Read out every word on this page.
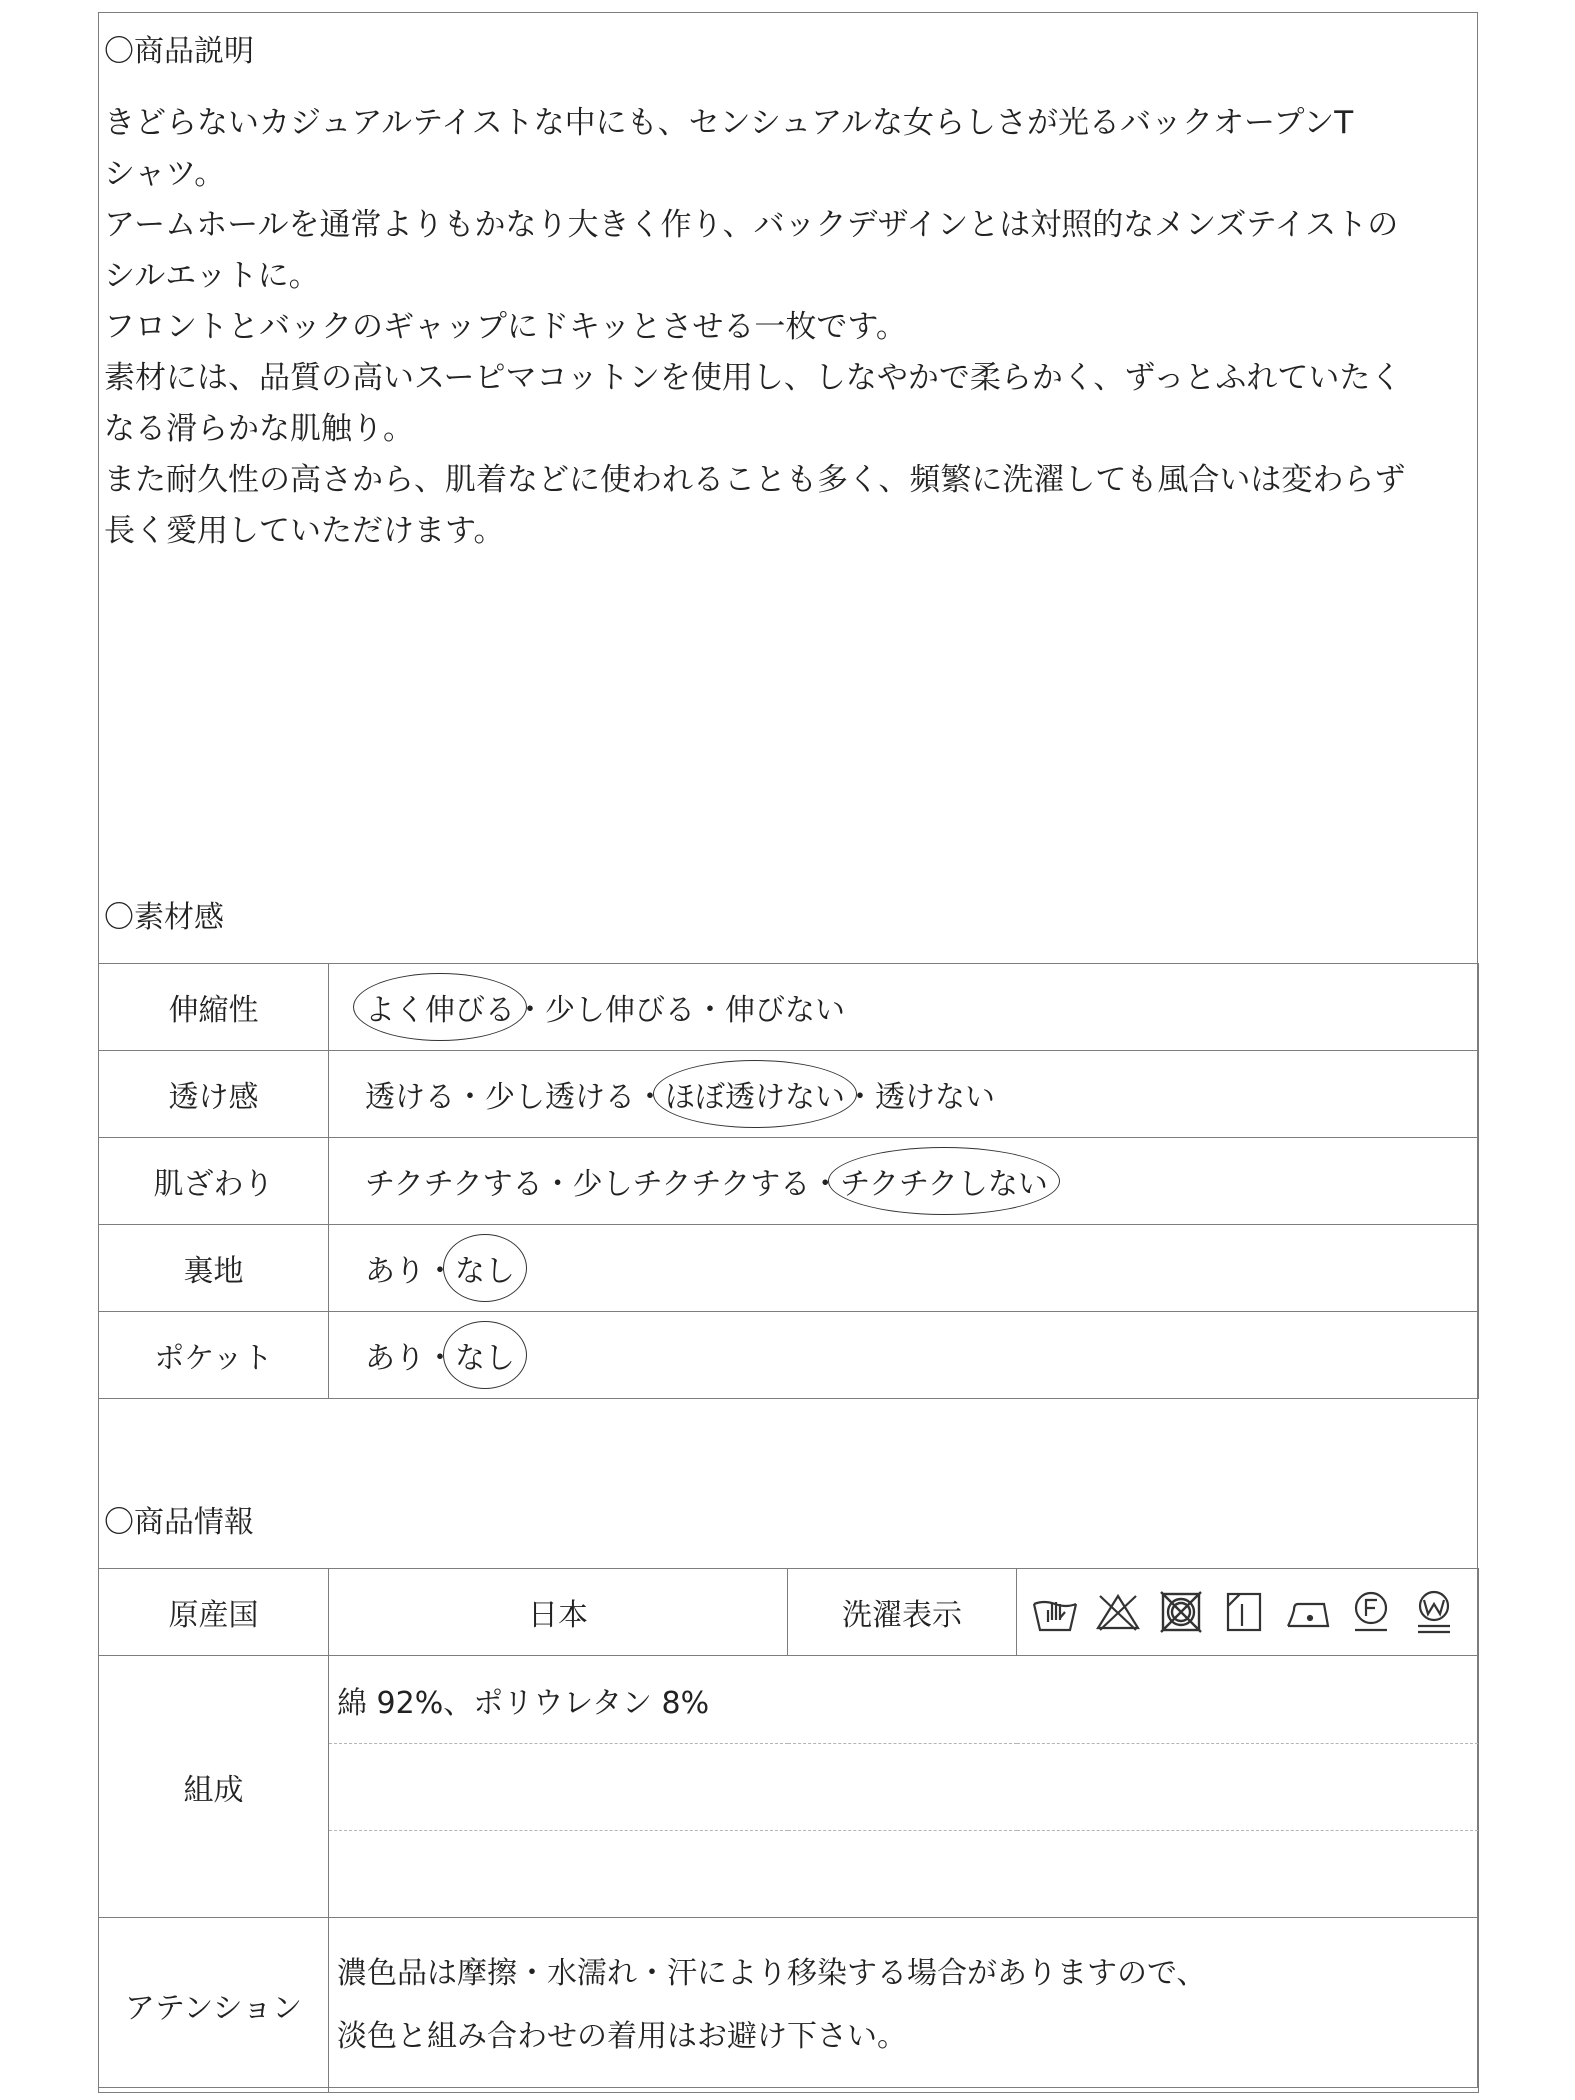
〇商品説明

きどらないカジュアルテイストな中にも、センシュアルな女らしさが光るバックオープンT

シャツ。

アームホールを通常よりもかなり大きく作り、バックデザインとは対照的なメンズテイストの

シルエットに。

フロントとバックのギャップにドキッとさせる一枚です。

素材には、品質の高いスーピマコットンを使用し、しなやかで柔らかく、ずっとふれていたく

なる滑らかな肌触り。

また耐久性の高さから、肌着などに使われることも多く、頻繁に洗濯しても風合いは変わらず

長く愛用していただけます。

〇素材感
伸縮性	よく伸びる
・少し伸びる・伸びない
透け感	透ける・少し透ける・ほぼ透けない
・透けない
肌ざわり	チクチクする・少しチクチクする・チクチクしない

裏地	あり・なし

ポケット	あり・なし
〇商品情報
原産国	日本	洗濯表示	

組成	綿 92%、ポリウレタン 8%		

アテンション	濃色品は摩擦・水濡れ・汗により移染する場合がありますので、
淡色と組み合わせの着用はお避け下さい。		
